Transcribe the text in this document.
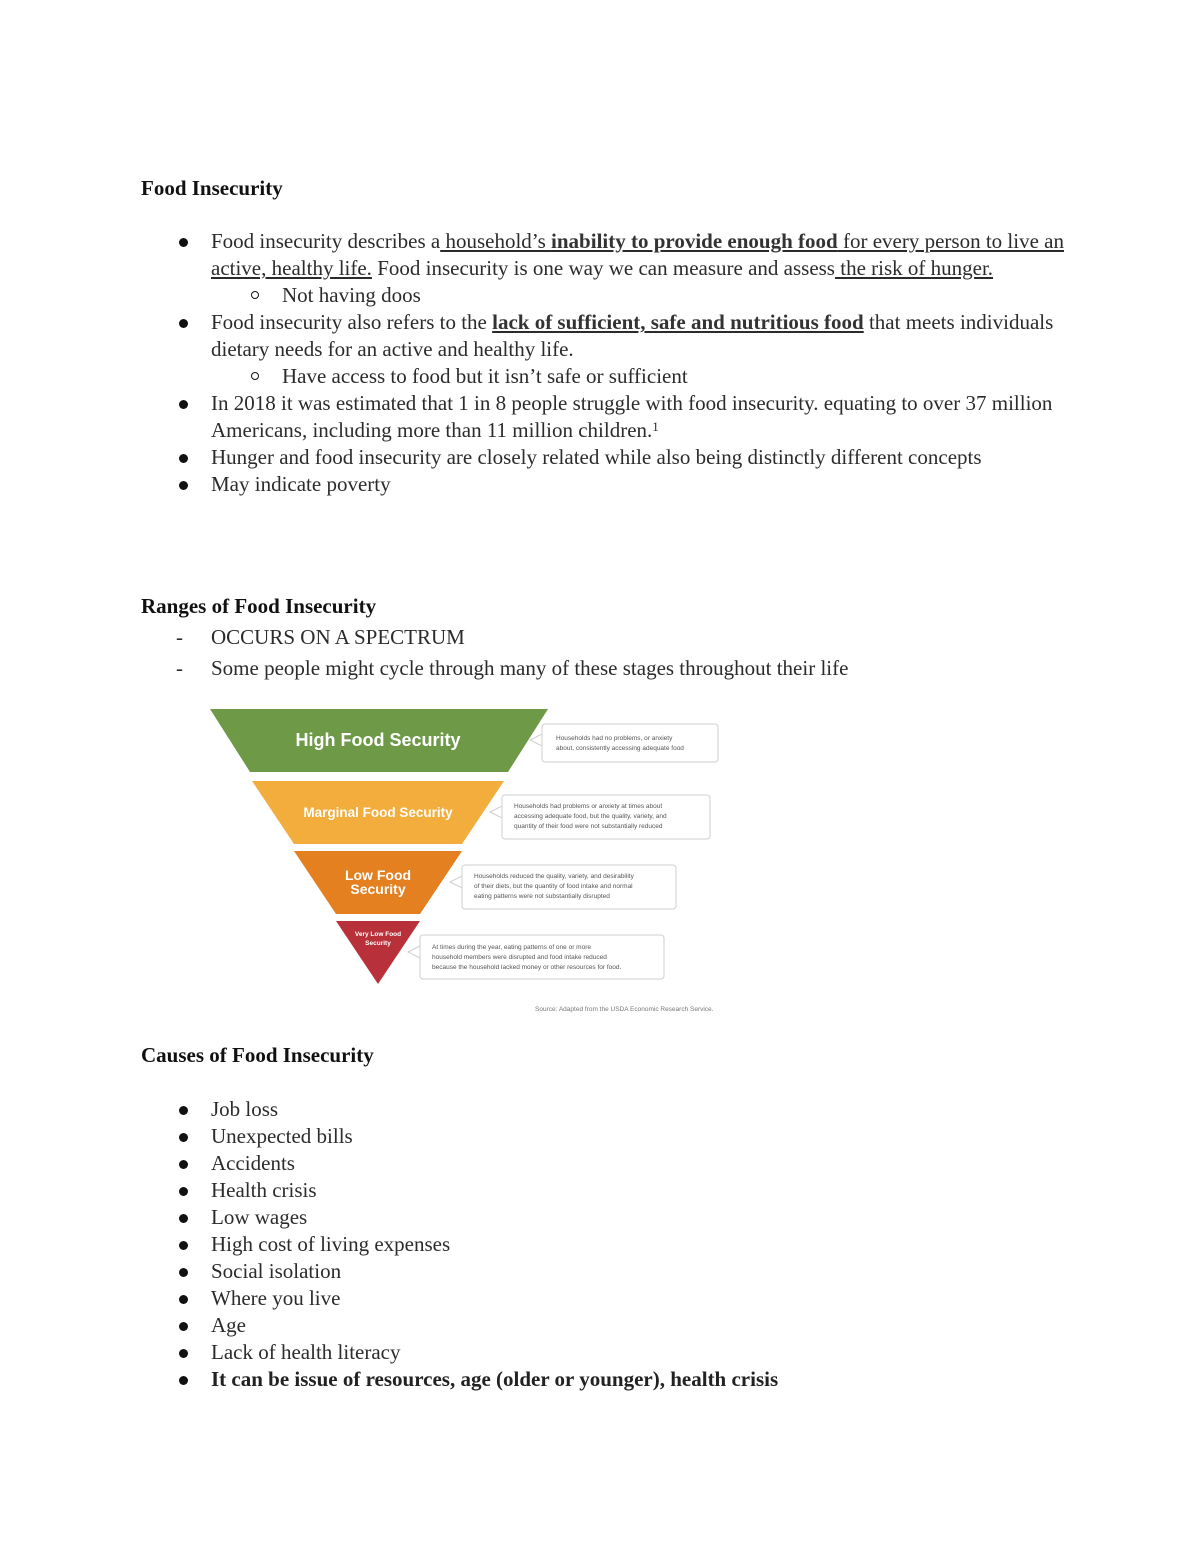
Food Insecurity
Food insecurity describes a household’s inability to provide enough food for every person to live an active, healthy life. Food insecurity is one way we can measure and assess the risk of hunger.
Not having doos
Food insecurity also refers to the lack of sufficient, safe and nutritious food that meets individuals dietary needs for an active and healthy life.
Have access to food but it isn’t safe or sufficient
In 2018 it was estimated that 1 in 8 people struggle with food insecurity. equating to over 37 million Americans, including more than 11 million children.$^1$
Hunger and food insecurity are closely related while also being distinctly different concepts
May indicate poverty
Ranges of Food Insecurity
- OCCURS ON A SPECTRUM
- Some people might cycle through many of these stages throughout their life
High Food Security	Households had no problems, or anxiety
about, consistently accessing adequate food
Marginal Food Security	Households had problems or anxiety at times about
accessing adequate food, but the quality, variety, and
quantity of their food were not substantially reduced
Low Food
Security
Households reduced the quality, variety, and desirability
of their diets, but the quantity of food intake and normal
eating patterns were not substantially disrupted
Very Low Food
Security
At times during the year, eating patterns of one or more
household members were disrupted and food intake reduced
because the household lacked money or other resources for food.
Source: Adapted from the USDA Economic Research Service.
Causes of Food Insecurity
Job loss
Unexpected bills
Accidents
Health crisis
Low wages
High cost of living expenses
Social isolation
Where you live
Age
Lack of health literacy
It can be issue of resources, age (older or younger), health crisis
